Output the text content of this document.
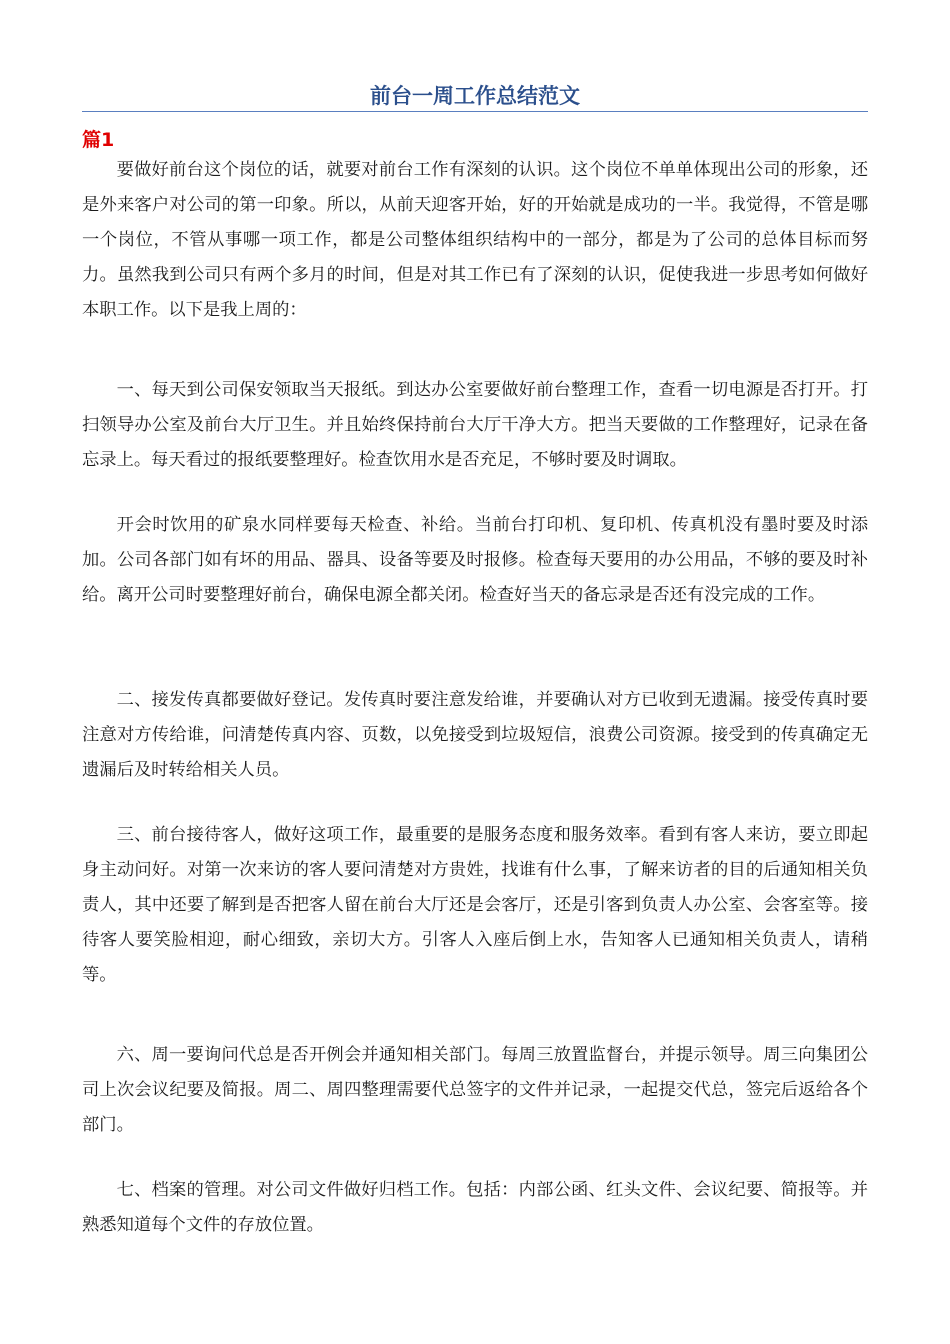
前台一周工作总结范文
篇1

要做好前台这个岗位的话，就要对前台工作有深刻的认识。这个岗位不单单体现出公司的形象，还是外来客户对公司的第一印象。所以，从前天迎客开始，好的开始就是成功的一半。我觉得，不管是哪一个岗位，不管从事哪一项工作，都是公司整体组织结构中的一部分，都是为了公司的总体目标而努力。虽然我到公司只有两个多月的时间，但是对其工作已有了深刻的认识，促使我进一步思考如何做好本职工作。以下是我上周的：

一、每天到公司保安领取当天报纸。到达办公室要做好前台整理工作，查看一切电源是否打开。打扫领导办公室及前台大厅卫生。并且始终保持前台大厅干净大方。把当天要做的工作整理好，记录在备忘录上。每天看过的报纸要整理好。检查饮用水是否充足，不够时要及时调取。

开会时饮用的矿泉水同样要每天检查、补给。当前台打印机、复印机、传真机没有墨时要及时添加。公司各部门如有坏的用品、器具、设备等要及时报修。检查每天要用的办公用品，不够的要及时补给。离开公司时要整理好前台，确保电源全都关闭。检查好当天的备忘录是否还有没完成的工作。

二、接发传真都要做好登记。发传真时要注意发给谁，并要确认对方已收到无遗漏。接受传真时要注意对方传给谁，问清楚传真内容、页数，以免接受到垃圾短信，浪费公司资源。接受到的传真确定无遗漏后及时转给相关人员。

三、前台接待客人，做好这项工作，最重要的是服务态度和服务效率。看到有客人来访，要立即起身主动问好。对第一次来访的客人要问清楚对方贵姓，找谁有什么事，了解来访者的目的后通知相关负责人，其中还要了解到是否把客人留在前台大厅还是会客厅，还是引客到负责人办公室、会客室等。接待客人要笑脸相迎，耐心细致，亲切大方。引客人入座后倒上水，告知客人已通知相关负责人，请稍等。

六、周一要询问代总是否开例会并通知相关部门。每周三放置监督台，并提示领导。周三向集团公司上次会议纪要及简报。周二、周四整理需要代总签字的文件并记录，一起提交代总，签完后返给各个部门。

七、档案的管理。对公司文件做好归档工作。包括：内部公函、红头文件、会议纪要、简报等。并熟悉知道每个文件的存放位置。
